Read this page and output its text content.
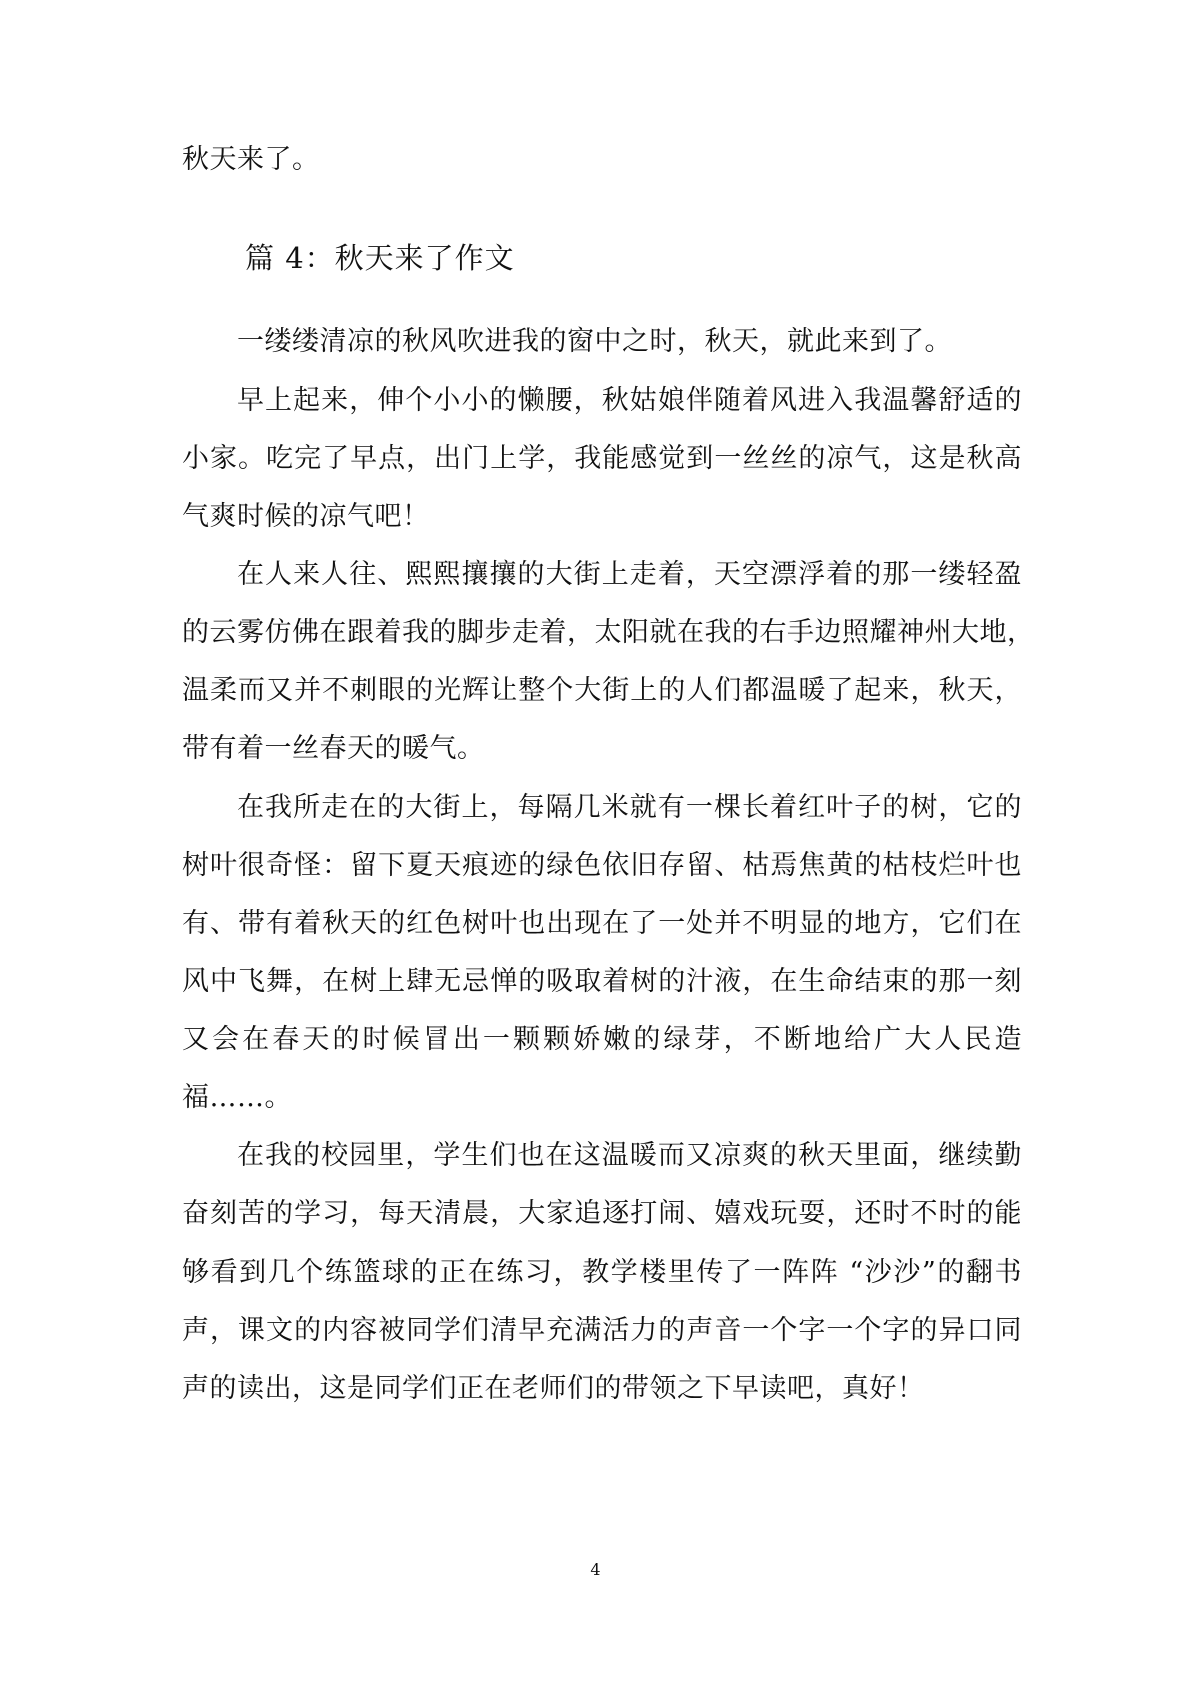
秋天来了。
篇 4：秋天来了作文
一缕缕清凉的秋风吹进我的窗中之时，秋天，就此来到了。
早上起来，伸个小小的懒腰，秋姑娘伴随着风进入我温馨舒适的
小家。吃完了早点，出门上学，我能感觉到一丝丝的凉气，这是秋高
气爽时候的凉气吧！
在人来人往、熙熙攘攘的大街上走着，天空漂浮着的那一缕轻盈
的云雾仿佛在跟着我的脚步走着，太阳就在我的右手边照耀神州大地，
温柔而又并不刺眼的光辉让整个大街上的人们都温暖了起来，秋天，
带有着一丝春天的暖气。
在我所走在的大街上，每隔几米就有一棵长着红叶子的树，它的
树叶很奇怪：留下夏天痕迹的绿色依旧存留、枯焉焦黄的枯枝烂叶也
有、带有着秋天的红色树叶也出现在了一处并不明显的地方，它们在
风中飞舞，在树上肆无忌惮的吸取着树的汁液，在生命结束的那一刻
又会在春天的时候冒出一颗颗娇嫩的绿芽，不断地给广大人民造
福……。
在我的校园里，学生们也在这温暖而又凉爽的秋天里面，继续勤
奋刻苦的学习，每天清晨，大家追逐打闹、嬉戏玩耍，还时不时的能
够看到几个练篮球的正在练习，教学楼里传了一阵阵 “沙沙”的翻书
声，课文的内容被同学们清早充满活力的声音一个字一个字的异口同
声的读出，这是同学们正在老师们的带领之下早读吧，真好！
4
